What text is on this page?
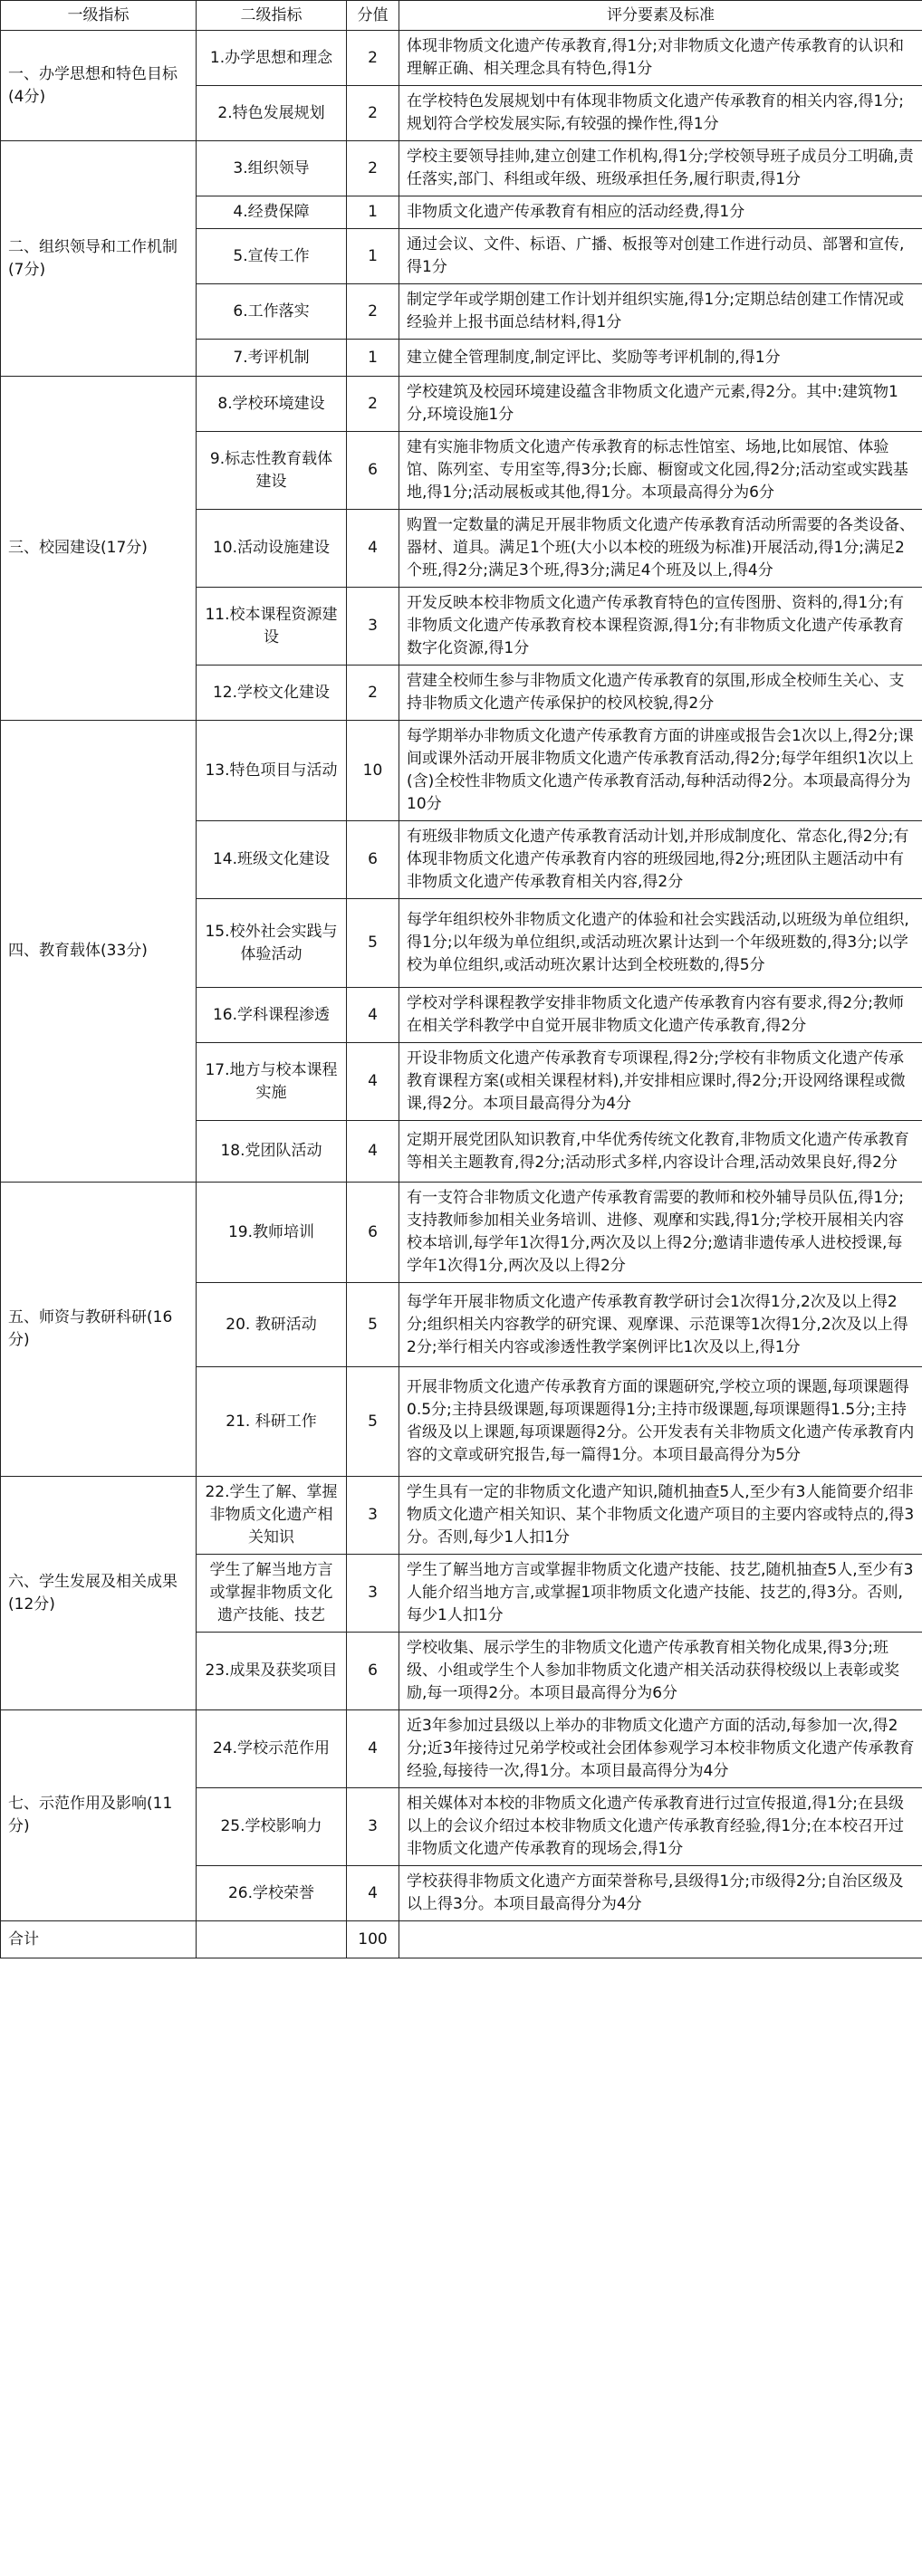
一级指标	二级指标	分值	评分要素及标准
一、办学思想和特色目标(4分)	1.办学思想和理念	2	体现非物质文化遗产传承教育,得1分;对非物质文化遗产传承教育的认识和理解正确、相关理念具有特色,得1分
	2.特色发展规划	2	在学校特色发展规划中有体现非物质文化遗产传承教育的相关内容,得1分;规划符合学校发展实际,有较强的操作性,得1分
二、组织领导和工作机制(7分)	3.组织领导	2	学校主要领导挂帅,建立创建工作机构,得1分;学校领导班子成员分工明确,责任落实,部门、科组或年级、班级承担任务,履行职责,得1分
	4.经费保障	1	非物质文化遗产传承教育有相应的活动经费,得1分
	5.宣传工作	1	通过会议、文件、标语、广播、板报等对创建工作进行动员、部署和宣传,得1分
	6.工作落实	2	制定学年或学期创建工作计划并组织实施,得1分;定期总结创建工作情况或经验并上报书面总结材料,得1分
	7.考评机制	1	建立健全管理制度,制定评比、奖励等考评机制的,得1分
三、校园建设(17分)	8.学校环境建设	2	学校建筑及校园环境建设蕴含非物质文化遗产元素,得2分。其中:建筑物1分,环境设施1分
	9.标志性教育载体建设	6	建有实施非物质文化遗产传承教育的标志性馆室、场地,比如展馆、体验馆、陈列室、专用室等,得3分;长廊、橱窗或文化园,得2分;活动室或实践基地,得1分;活动展板或其他,得1分。本项最高得分为6分
	10.活动设施建设	4	购置一定数量的满足开展非物质文化遗产传承教育活动所需要的各类设备、器材、道具。满足1个班(大小以本校的班级为标准)开展活动,得1分;满足2个班,得2分;满足3个班,得3分;满足4个班及以上,得4分
	11.校本课程资源建设	3	开发反映本校非物质文化遗产传承教育特色的宣传图册、资料的,得1分;有非物质文化遗产传承教育校本课程资源,得1分;有非物质文化遗产传承教育数字化资源,得1分
	12.学校文化建设	2	营建全校师生参与非物质文化遗产传承教育的氛围,形成全校师生关心、支持非物质文化遗产传承保护的校风校貌,得2分
四、教育载体(33分)	13.特色项目与活动	10	每学期举办非物质文化遗产传承教育方面的讲座或报告会1次以上,得2分;课间或课外活动开展非物质文化遗产传承教育活动,得2分;每学年组织1次以上(含)全校性非物质文化遗产传承教育活动,每种活动得2分。本项最高得分为10分
	14.班级文化建设	6	有班级非物质文化遗产传承教育活动计划,并形成制度化、常态化,得2分;有体现非物质文化遗产传承教育内容的班级园地,得2分;班团队主题活动中有非物质文化遗产传承教育相关内容,得2分
	15.校外社会实践与体验活动	5	每学年组织校外非物质文化遗产的体验和社会实践活动,以班级为单位组织,得1分;以年级为单位组织,或活动班次累计达到一个年级班数的,得3分;以学校为单位组织,或活动班次累计达到全校班数的,得5分
	16.学科课程渗透	4	学校对学科课程教学安排非物质文化遗产传承教育内容有要求,得2分;教师在相关学科教学中自觉开展非物质文化遗产传承教育,得2分
	17.地方与校本课程实施	4	开设非物质文化遗产传承教育专项课程,得2分;学校有非物质文化遗产传承教育课程方案(或相关课程材料),并安排相应课时,得2分;开设网络课程或微课,得2分。本项目最高得分为4分
	18.党团队活动	4	定期开展党团队知识教育,中华优秀传统文化教育,非物质文化遗产传承教育等相关主题教育,得2分;活动形式多样,内容设计合理,活动效果良好,得2分
五、师资与教研科研(16分)	19.教师培训	6	有一支符合非物质文化遗产传承教育需要的教师和校外辅导员队伍,得1分;支持教师参加相关业务培训、进修、观摩和实践,得1分;学校开展相关内容校本培训,每学年1次得1分,两次及以上得2分;邀请非遗传承人进校授课,每学年1次得1分,两次及以上得2分
	20. 教研活动	5	每学年开展非物质文化遗产传承教育教学研讨会1次得1分,2次及以上得2分;组织相关内容教学的研究课、观摩课、示范课等1次得1分,2次及以上得2分;举行相关内容或渗透性教学案例评比1次及以上,得1分
	21. 科研工作	5	开展非物质文化遗产传承教育方面的课题研究,学校立项的课题,每项课题得0.5分;主持县级课题,每项课题得1分;主持市级课题,每项课题得1.5分;主持省级及以上课题,每项课题得2分。公开发表有关非物质文化遗产传承教育内容的文章或研究报告,每一篇得1分。本项目最高得分为5分
六、学生发展及相关成果(12分)	22.学生了解、掌握非物质文化遗产相关知识	3	学生具有一定的非物质文化遗产知识,随机抽查5人,至少有3人能简要介绍非物质文化遗产相关知识、某个非物质文化遗产项目的主要内容或特点的,得3分。否则,每少1人扣1分
	学生了解当地方言或掌握非物质文化遗产技能、技艺	3	学生了解当地方言或掌握非物质文化遗产技能、技艺,随机抽查5人,至少有3 人能介绍当地方言,或掌握1项非物质文化遗产技能、技艺的,得3分。否则,每少1人扣1分
	23.成果及获奖项目	6	学校收集、展示学生的非物质文化遗产传承教育相关物化成果,得3分;班级、小组或学生个人参加非物质文化遗产相关活动获得校级以上表彰或奖励,每一项得2分。本项目最高得分为6分
七、示范作用及影响(11分)	24.学校示范作用	4	近3年参加过县级以上举办的非物质文化遗产方面的活动,每参加一次,得2分;近3年接待过兄弟学校或社会团体参观学习本校非物质文化遗产传承教育经验,每接待一次,得1分。本项目最高得分为4分
	25.学校影响力	3	相关媒体对本校的非物质文化遗产传承教育进行过宣传报道,得1分;在县级以上的会议介绍过本校非物质文化遗产传承教育经验,得1分;在本校召开过非物质文化遗产传承教育的现场会,得1分
	26.学校荣誉	4	学校获得非物质文化遗产方面荣誉称号,县级得1分;市级得2分;自治区级及以上得3分。本项目最高得分为4分
合计		100	
